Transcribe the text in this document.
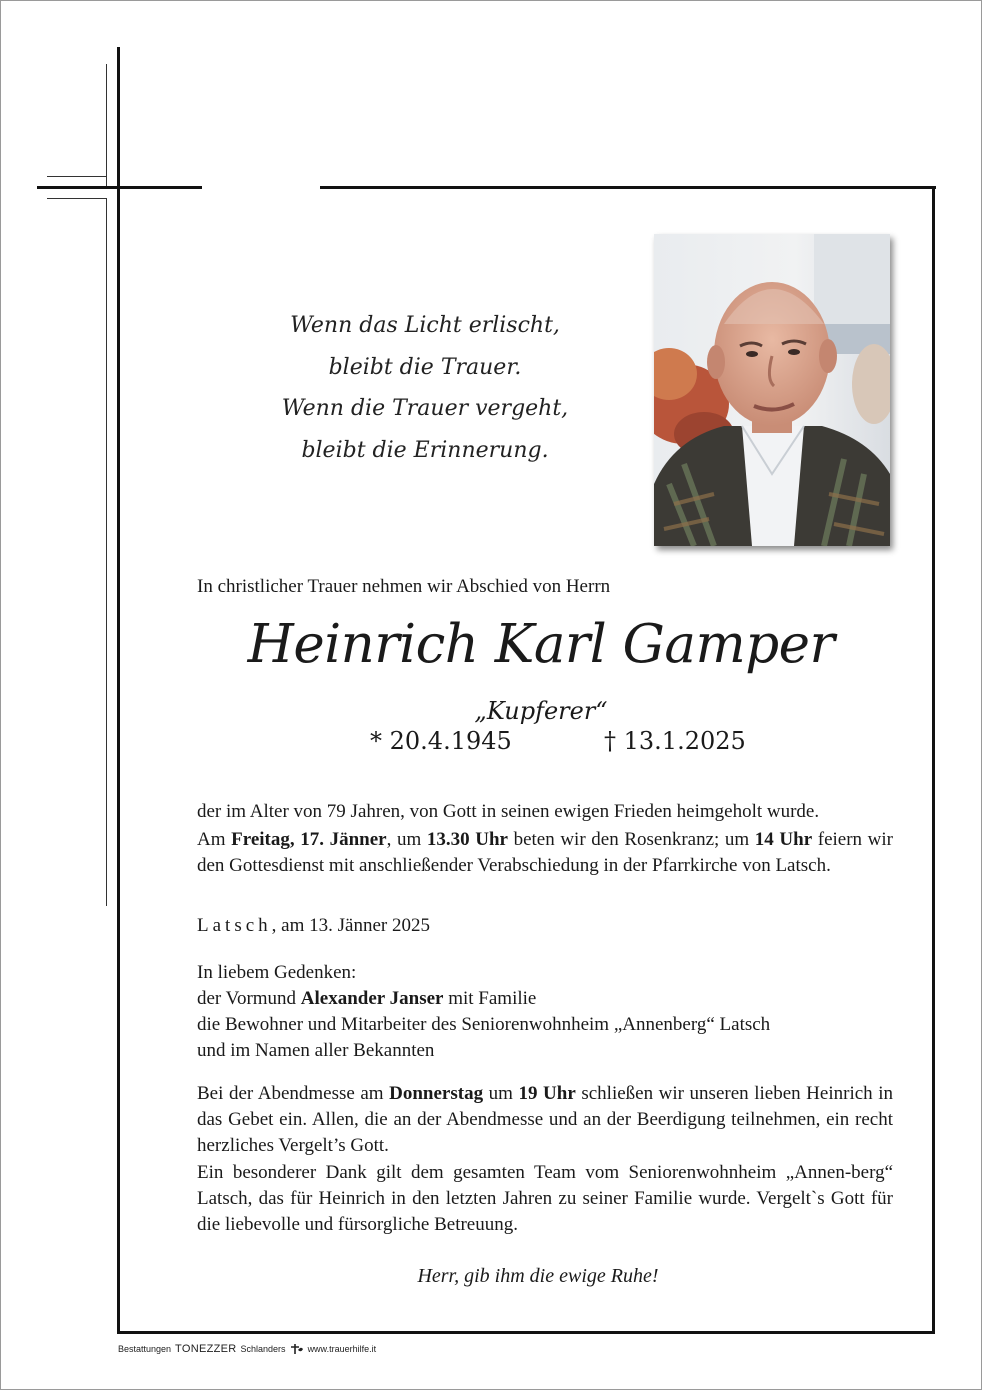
Wenn das Licht erlischt,
bleibt die Trauer.
Wenn die Trauer vergeht,
bleibt die Erinnerung.
In christlicher Trauer nehmen wir Abschied von Herrn
Heinrich Karl Gamper
„Kupferer“
* 20.4.1945	† 13.1.2025

der im Alter von 79 Jahren, von Gott in seinen ewigen Frieden heimgeholt wurde.

Am Freitag, 17. Jänner, um 13.30 Uhr beten wir den Rosenkranz; um 14 Uhr feiern wir den Gottesdienst mit anschließender Verabschiedung in der Pfarrkirche von Latsch.

Latsch, am 13. Jänner 2025

In liebem Gedenken:

der Vormund Alexander Janser mit Familie

die Bewohner und Mitarbeiter des Seniorenwohnheim „Annenberg“ Latsch

und im Namen aller Bekannten

Bei der Abendmesse am Donnerstag um 19 Uhr schließen wir unseren lieben Heinrich in das Gebet ein. Allen, die an der Abendmesse und an der Beerdigung teilnehmen, ein recht herzliches Vergelt’s Gott.

Ein besonderer Dank gilt dem gesamten Team vom Seniorenwohnheim „Annen-berg“ Latsch, das für Heinrich in den letzten Jahren zu seiner Familie wurde. Vergelt`s Gott für die liebevolle und fürsorgliche Betreuung.

Herr, gib ihm die ewige Ruhe!
Bestattungen TONEZZER Schlanders www.trauerhilfe.it
